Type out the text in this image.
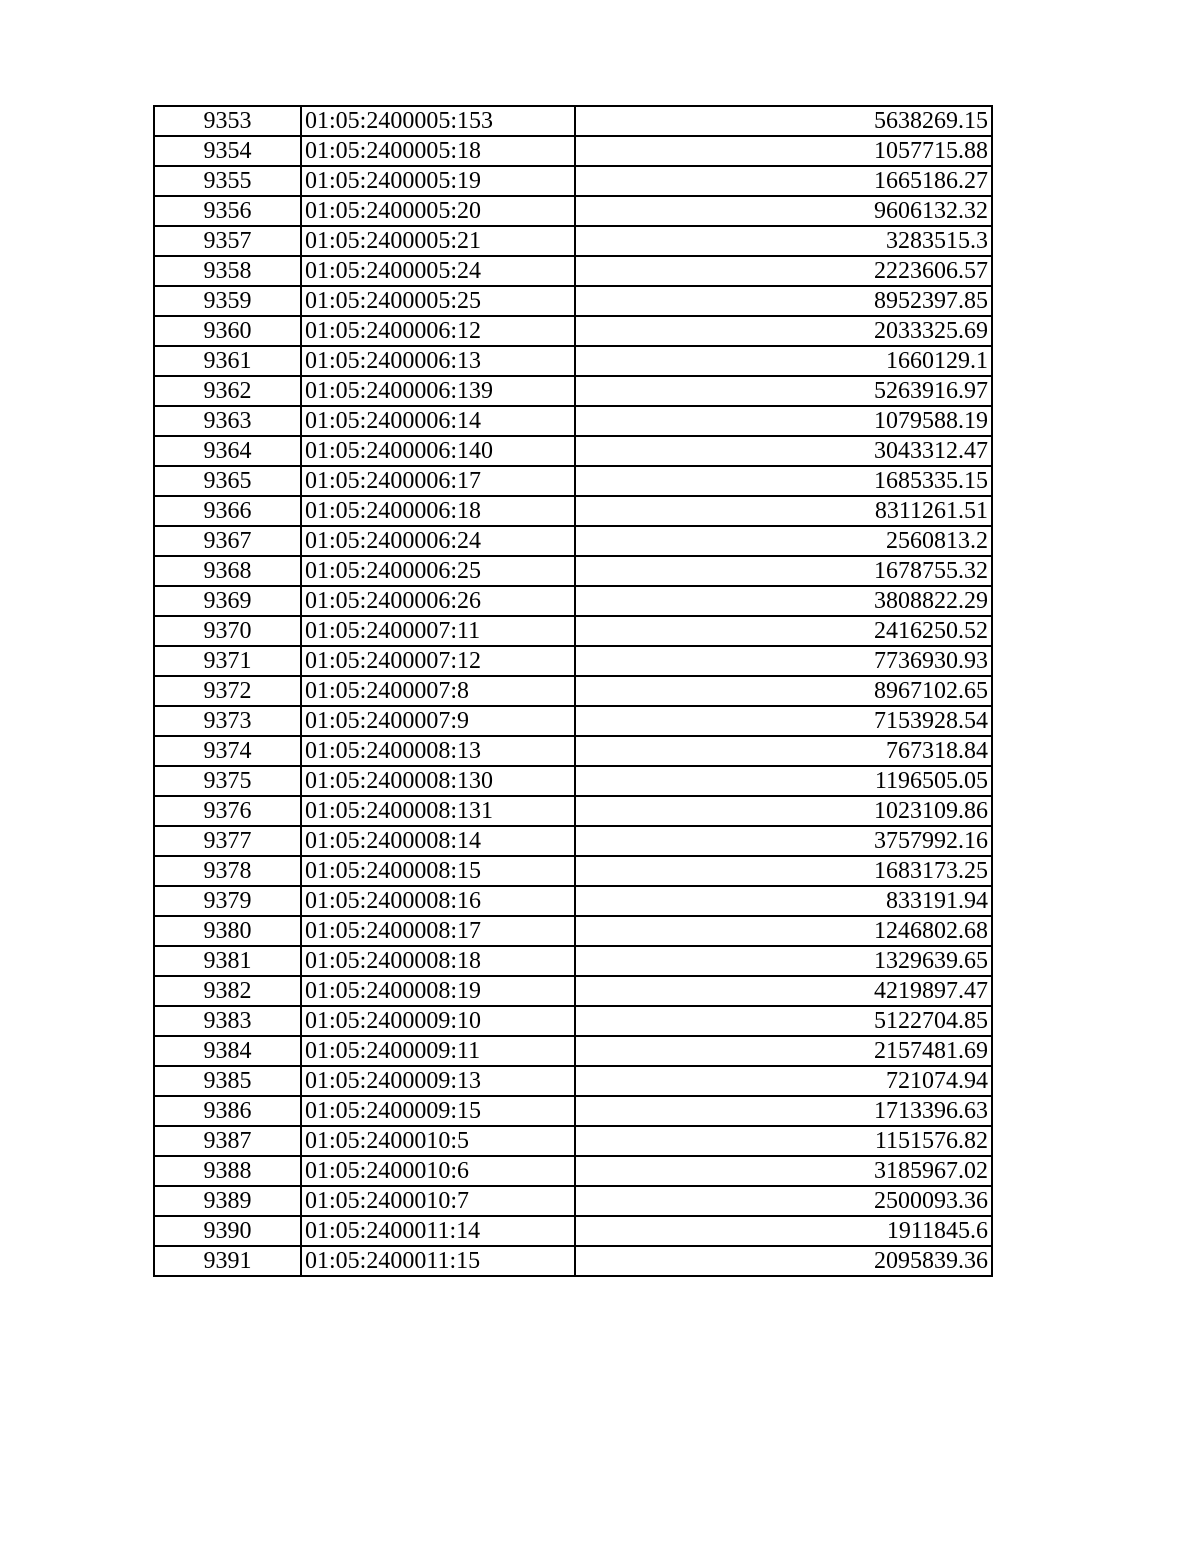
9353	01:05:2400005:153	5638269.15
9354	01:05:2400005:18	1057715.88
9355	01:05:2400005:19	1665186.27
9356	01:05:2400005:20	9606132.32
9357	01:05:2400005:21	3283515.3
9358	01:05:2400005:24	2223606.57
9359	01:05:2400005:25	8952397.85
9360	01:05:2400006:12	2033325.69
9361	01:05:2400006:13	1660129.1
9362	01:05:2400006:139	5263916.97
9363	01:05:2400006:14	1079588.19
9364	01:05:2400006:140	3043312.47
9365	01:05:2400006:17	1685335.15
9366	01:05:2400006:18	8311261.51
9367	01:05:2400006:24	2560813.2
9368	01:05:2400006:25	1678755.32
9369	01:05:2400006:26	3808822.29
9370	01:05:2400007:11	2416250.52
9371	01:05:2400007:12	7736930.93
9372	01:05:2400007:8	8967102.65
9373	01:05:2400007:9	7153928.54
9374	01:05:2400008:13	767318.84
9375	01:05:2400008:130	1196505.05
9376	01:05:2400008:131	1023109.86
9377	01:05:2400008:14	3757992.16
9378	01:05:2400008:15	1683173.25
9379	01:05:2400008:16	833191.94
9380	01:05:2400008:17	1246802.68
9381	01:05:2400008:18	1329639.65
9382	01:05:2400008:19	4219897.47
9383	01:05:2400009:10	5122704.85
9384	01:05:2400009:11	2157481.69
9385	01:05:2400009:13	721074.94
9386	01:05:2400009:15	1713396.63
9387	01:05:2400010:5	1151576.82
9388	01:05:2400010:6	3185967.02
9389	01:05:2400010:7	2500093.36
9390	01:05:2400011:14	1911845.6
9391	01:05:2400011:15	2095839.36
